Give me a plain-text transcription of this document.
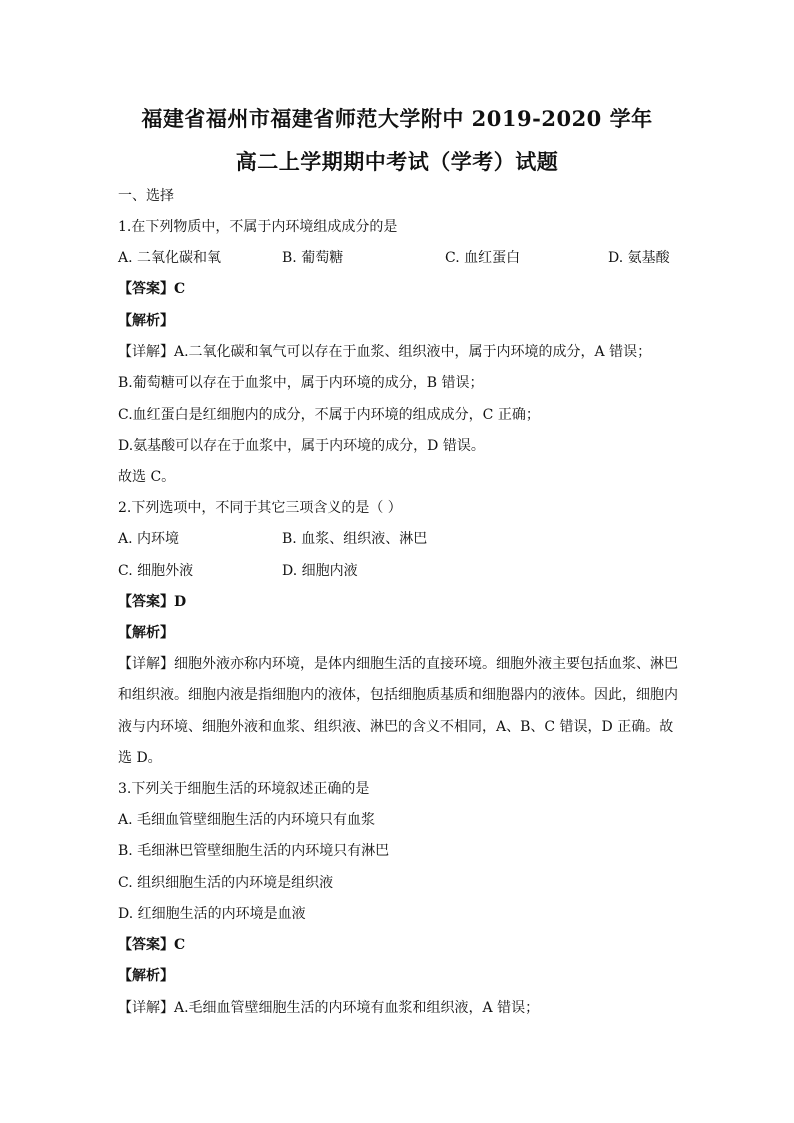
福建省福州市福建省师范大学附中 2019-2020 学年
高二上学期期中考试（学考）试题
一、选择
1.在下列物质中，不属于内环境组成成分的是
A. 二氧化碳和氧	B. 葡萄糖	C. 血红蛋白	D. 氨基酸
【答案】C
【解析】
【详解】A.二氧化碳和氧气可以存在于血浆、组织液中，属于内环境的成分，A 错误；
B.葡萄糖可以存在于血浆中，属于内环境的成分，B 错误；
C.血红蛋白是红细胞内的成分，不属于内环境的组成成分，C 正确；
D.氨基酸可以存在于血浆中，属于内环境的成分，D 错误。
故选 C。
2.下列选项中，不同于其它三项含义的是（ ）
A. 内环境	B. 血浆、组织液、淋巴
C. 细胞外液	D. 细胞内液
【答案】D
【解析】
【详解】细胞外液亦称内环境，是体内细胞生活的直接环境。细胞外液主要包括血浆、淋巴
和组织液。细胞内液是指细胞内的液体，包括细胞质基质和细胞器内的液体。因此，细胞内
液与内环境、细胞外液和血浆、组织液、淋巴的含义不相同，A、B、C 错误，D 正确。故
选 D。
3.下列关于细胞生活的环境叙述正确的是
A. 毛细血管壁细胞生活的内环境只有血浆
B. 毛细淋巴管壁细胞生活的内环境只有淋巴
C. 组织细胞生活的内环境是组织液
D. 红细胞生活的内环境是血液
【答案】C
【解析】
【详解】A.毛细血管壁细胞生活的内环境有血浆和组织液，A 错误；
